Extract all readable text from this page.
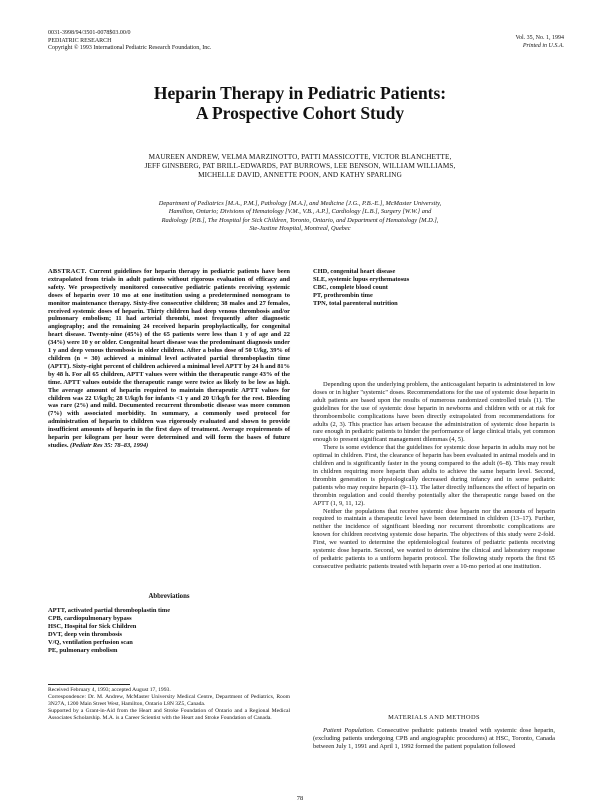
0031-3998/94/3501-0078$03.00/0
PEDIATRIC RESEARCH
Copyright © 1993 International Pediatric Research Foundation, Inc.
Vol. 35, No. 1, 1994
Printed in U.S.A.
Heparin Therapy in Pediatric Patients:
A Prospective Cohort Study
MAUREEN ANDREW, VELMA MARZINOTTO, PATTI MASSICOTTE, VICTOR BLANCHETTE,
JEFF GINSBERG, PAT BRILL-EDWARDS, PAT BURROWS, LEE BENSON, WILLIAM WILLIAMS,
MICHELLE DAVID, ANNETTE POON, AND KATHY SPARLING
Department of Pediatrics [M.A., P.M.], Pathology [M.A.], and Medicine [J.G., P.B.-E.], McMaster University,
Hamilton, Ontario; Divisions of Hematology [V.M., V.B., A.P.], Cardiology [L.B.], Surgery [W.W.] and
Radiology [P.B.], The Hospital for Sick Children, Toronto, Ontario, and Department of Hematology [M.D.],
Ste-Justine Hospital, Montreal, Quebec
ABSTRACT. Current guidelines for heparin therapy in pediatric patients have been extrapolated from trials in adult patients without rigorous evaluation of efficacy and safety. We prospectively monitored consecutive pediatric patients receiving systemic doses of heparin over 10 mo at one institution using a predetermined nomogram to monitor maintenance therapy. Sixty-five consecutive children; 38 males and 27 females, received systemic doses of heparin. Thirty children had deep venous thrombosis and/or pulmonary embolism; 11 had arterial thrombi, most frequently after diagnostic angiography; and the remaining 24 received heparin prophylactically, for congenital heart disease. Twenty-nine (45%) of the 65 patients were less than 1 y of age and 22 (34%) were 10 y or older. Congenital heart disease was the predominant diagnosis under 1 y and deep venous thrombosis in older children. After a bolus dose of 50 U/kg, 39% of children (n = 30) achieved a minimal level activated partial thromboplastin time (APTT). Sixty-eight percent of children achieved a minimal level APTT by 24 h and 81% by 48 h. For all 65 children, APTT values were within the therapeutic range 43% of the time. APTT values outside the therapeutic range were twice as likely to be low as high. The average amount of heparin required to maintain therapeutic APTT values for children was 22 U/kg/h; 28 U/kg/h for infants <1 y and 20 U/kg/h for the rest. Bleeding was rare (2%) and mild. Documented recurrent thrombotic disease was more common (7%) with associated morbidity. In summary, a commonly used protocol for administration of heparin to children was rigorously evaluated and shown to provide insufficient amounts of heparin in the first days of treatment. Average requirements of heparin per kilogram per hour were determined and will form the bases of future studies. (Pediatr Res 35: 78–83, 1994)
Abbreviations
APTT, activated partial thromboplastin time
CPB, cardiopulmonary bypass
HSC, Hospital for Sick Children
DVT, deep vein thrombosis
V/Q, ventilation perfusion scan
PE, pulmonary embolism

Received February 4, 1993; accepted August 17, 1993.

Correspondence: Dr. M. Andrew, McMaster University Medical Centre, Department of Pediatrics, Room 3N27A, 1200 Main Street West, Hamilton, Ontario L8N 3Z5, Canada.

Supported by a Grant-in-Aid from the Heart and Stroke Foundation of Ontario and a Regional Medical Associates Scholarship. M.A. is a Career Scientist with the Heart and Stroke Foundation of Canada.

CHD, congenital heart disease
SLE, systemic lupus erythematosus
CBC, complete blood count
PT, prothrombin time
TPN, total parenteral nutrition

Depending upon the underlying problem, the anticoagulant heparin is administered in low doses or in higher "systemic" doses. Recommendations for the use of systemic dose heparin in adult patients are based upon the results of numerous randomized controlled trials (1). The guidelines for the use of systemic dose heparin in newborns and children with or at risk for thromboembolic complications have been directly extrapolated from recommendations for adults (2, 3). This practice has arisen because the administration of systemic dose heparin is rare enough in pediatric patients to hinder the performance of large clinical trials, yet common enough to present significant management dilemmas (4, 5).

There is some evidence that the guidelines for systemic dose heparin in adults may not be optimal in children. First, the clearance of heparin has been evaluated in animal models and in children and is significantly faster in the young compared to the adult (6–8). This may result in children requiring more heparin than adults to achieve the same heparin level. Second, thrombin generation is physiologically decreased during infancy and in some pediatric patients who may require heparin (9–11). The latter directly influences the effect of heparin on thrombin regulation and could thereby potentially alter the therapeutic range based on the APTT (1, 9, 11, 12).

Neither the populations that receive systemic dose heparin nor the amounts of heparin required to maintain a therapeutic level have been determined in children (13–17). Further, neither the incidence of significant bleeding nor recurrent thrombotic complications are known for children receiving systemic dose heparin. The objectives of this study were 2-fold. First, we wanted to determine the epidemiological features of pediatric patients receiving systemic dose heparin. Second, we wanted to determine the clinical and laboratory response of pediatric patients to a uniform heparin protocol. The following study reports the first 65 consecutive pediatric patients treated with heparin over a 10-mo period at one institution.

MATERIALS AND METHODS

Patient Population. Consecutive pediatric patients treated with systemic dose heparin, (excluding patients undergoing CPB and angiographic procedures) at HSC, Toronto, Canada between July 1, 1991 and April 1, 1992 formed the patient population followed

78
